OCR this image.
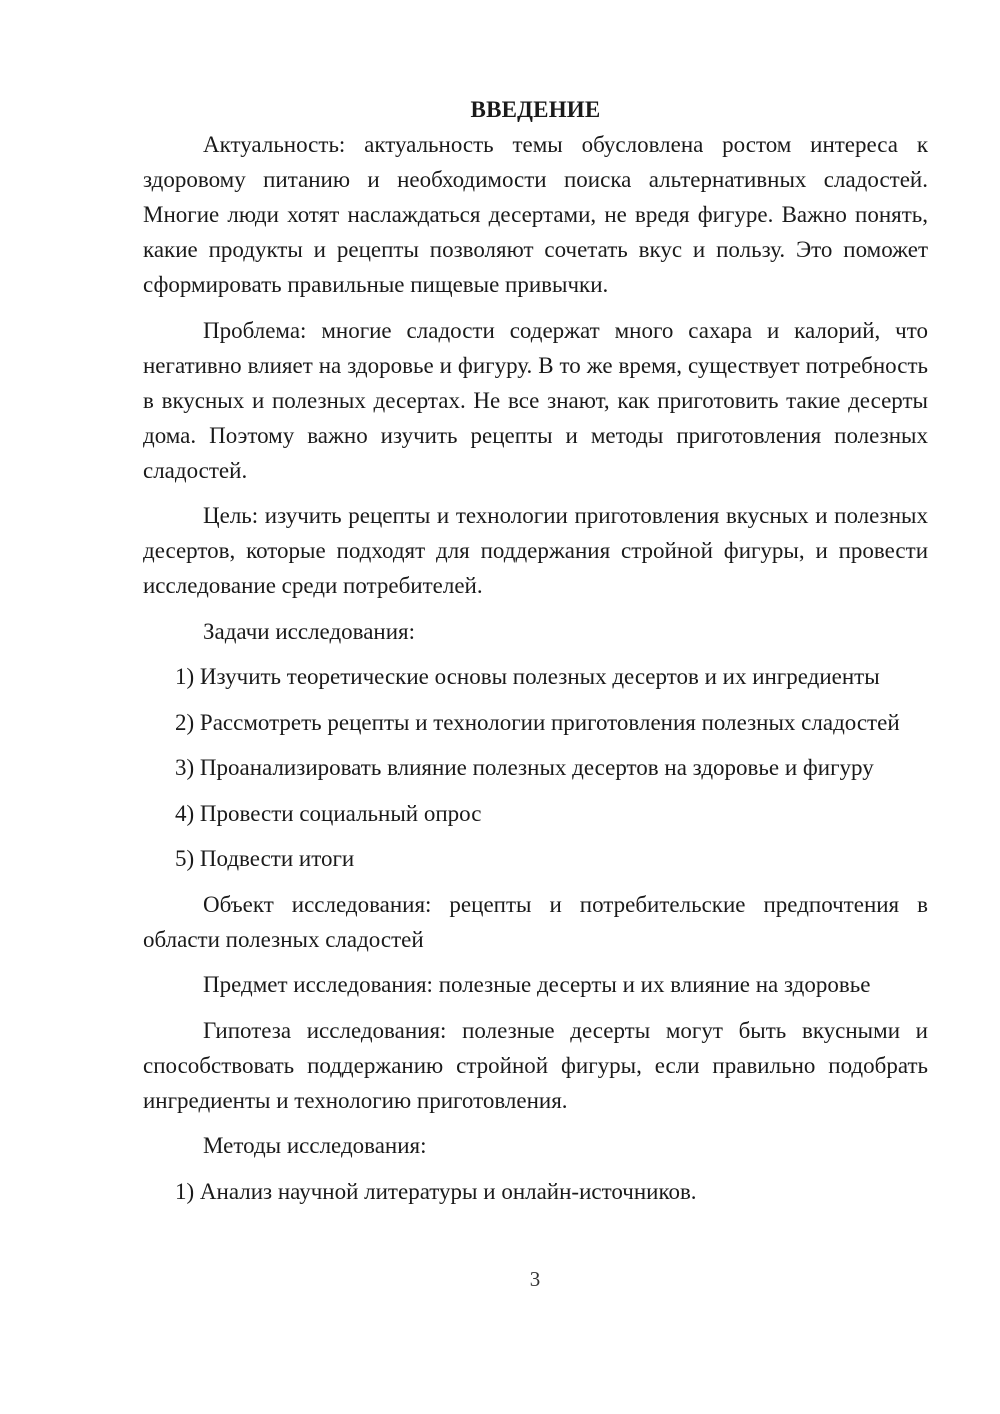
ВВЕДЕНИЕ

Актуальность: актуальность темы обусловлена ростом интереса к здоровому питанию и необходимости поиска альтернативных сладостей. Многие люди хотят наслаждаться десертами, не вредя фигуре. Важно понять, какие продукты и рецепты позволяют сочетать вкус и пользу. Это поможет сформировать правильные пищевые привычки.

Проблема: многие сладости содержат много сахара и калорий, что негативно влияет на здоровье и фигуру. В то же время, существует потребность в вкусных и полезных десертах. Не все знают, как приготовить такие десерты дома. Поэтому важно изучить рецепты и методы приготовления полезных сладостей.

Цель: изучить рецепты и технологии приготовления вкусных и полезных десертов, которые подходят для поддержания стройной фигуры, и провести исследование среди потребителей.

Задачи исследования:

1) Изучить теоретические основы полезных десертов и их ингредиенты

2) Рассмотреть рецепты и технологии приготовления полезных сладостей

3) Проанализировать влияние полезных десертов на здоровье и фигуру

4) Провести социальный опрос

5) Подвести итоги

Объект исследования: рецепты и потребительские предпочтения в области полезных сладостей

Предмет исследования: полезные десерты и их влияние на здоровье

Гипотеза исследования: полезные десерты могут быть вкусными и способствовать поддержанию стройной фигуры, если правильно подобрать ингредиенты и технологию приготовления.

Методы исследования:

1) Анализ научной литературы и онлайн-источников.

3
